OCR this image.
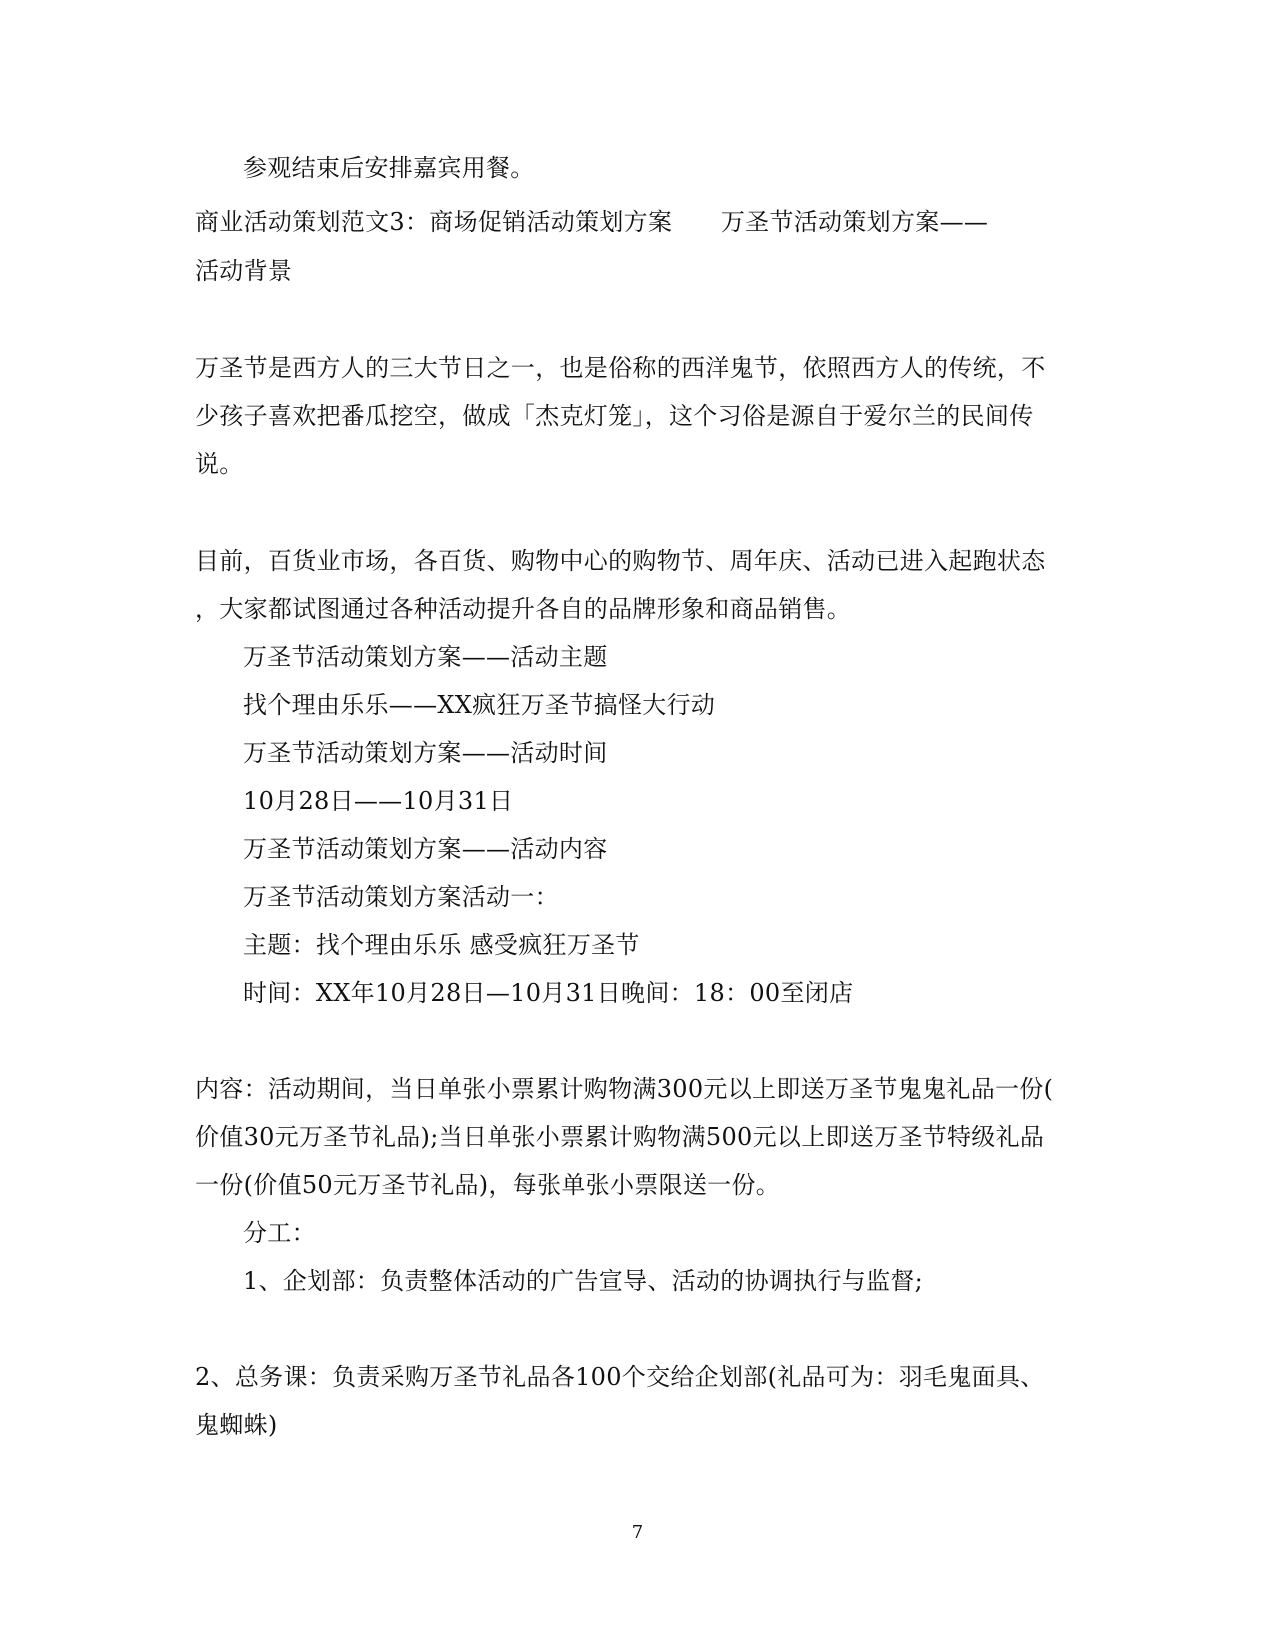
参观结束后安排嘉宾用餐。
商业活动策划范文3：商场促销活动策划方案　　万圣节活动策划方案——
活动背景
万圣节是西方人的三大节日之一，也是俗称的西洋鬼节，依照西方人的传统，不
少孩子喜欢把番瓜挖空，做成「杰克灯笼」，这个习俗是源自于爱尔兰的民间传
说。
目前，百货业市场，各百货、购物中心的购物节、周年庆、活动已进入起跑状态
，大家都试图通过各种活动提升各自的品牌形象和商品销售。
万圣节活动策划方案——活动主题
找个理由乐乐——XX疯狂万圣节搞怪大行动
万圣节活动策划方案——活动时间
10月28日——10月31日
万圣节活动策划方案——活动内容
万圣节活动策划方案活动一：
主题：找个理由乐乐 感受疯狂万圣节
时间：XX年10月28日—10月31日晚间：18：00至闭店
内容：活动期间，当日单张小票累计购物满300元以上即送万圣节鬼鬼礼品一份(
价值30元万圣节礼品);当日单张小票累计购物满500元以上即送万圣节特级礼品
一份(价值50元万圣节礼品)，每张单张小票限送一份。
分工：
1、企划部：负责整体活动的广告宣导、活动的协调执行与监督;
2、总务课：负责采购万圣节礼品各100个交给企划部(礼品可为：羽毛鬼面具、
鬼蜘蛛)
7
